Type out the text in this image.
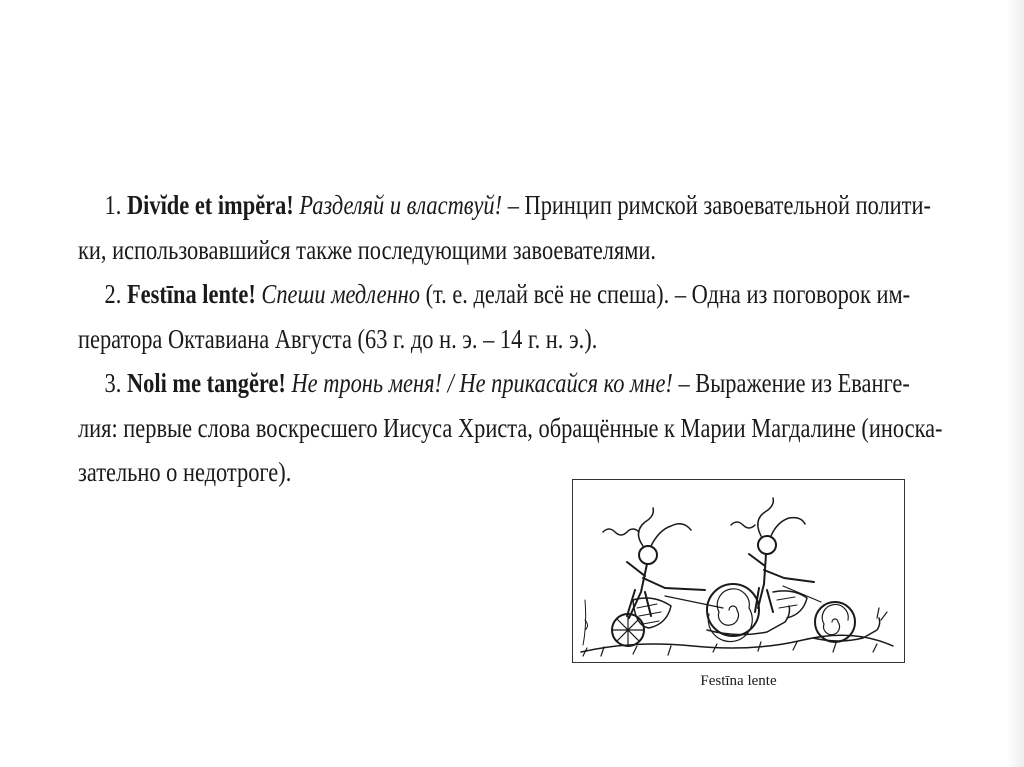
1. Divĭde et impĕra! Разделяй и властвуй! – Принцип римской завоевательной полити-
ки, использовавшийся также последующими завоевателями.
2. Festīna lente! Спеши медленно (т. е. делай всё не спеша). – Одна из поговорок им-
ператора Октавиана Августа (63 г. до н. э. – 14 г. н. э.).
3. Noli me tangĕre! Не тронь меня! / Не прикасайся ко мне! – Выражение из Еванге-
лия: первые слова воскресшего Иисуса Христа, обращённые к Марии Магдалине (иноска-
зательно о недотроге).
Festīna lente
